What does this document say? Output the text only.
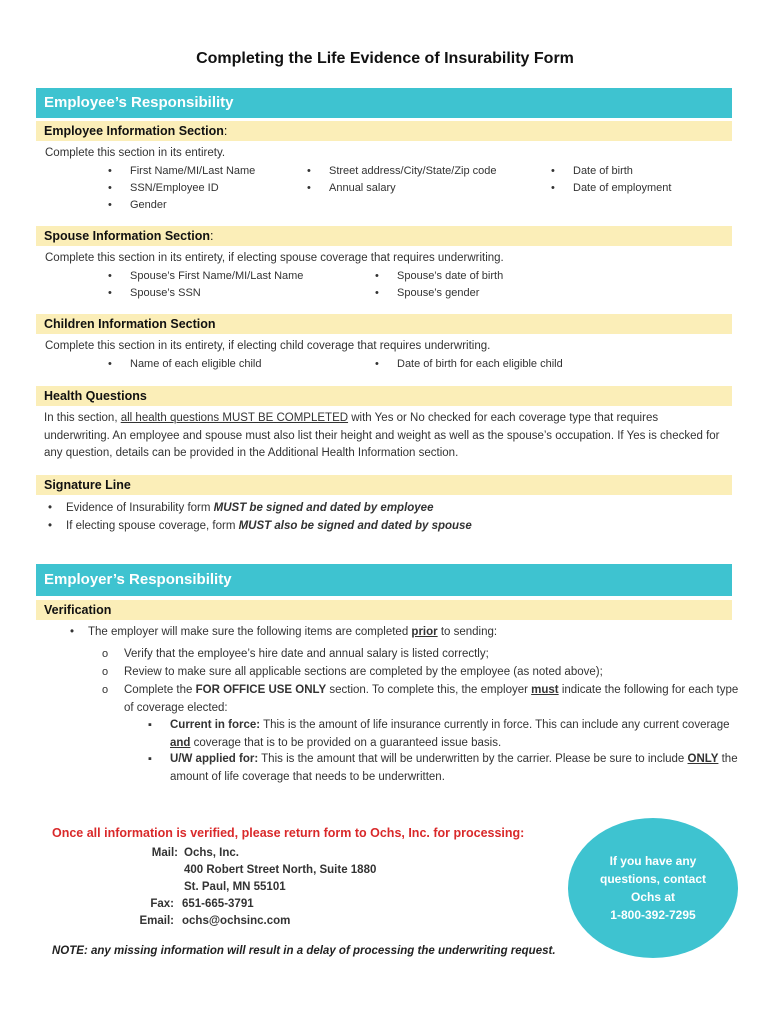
Completing the Life Evidence of Insurability Form
Employee’s Responsibility
Employee Information Section:
Complete this section in its entirety.
• First Name/MI/Last Name
• SSN/Employee ID
• Gender
• Street address/City/State/Zip code
• Annual salary
• Date of birth
• Date of employment
Spouse Information Section:
Complete this section in its entirety, if electing spouse coverage that requires underwriting.
• Spouse’s First Name/MI/Last Name
• Spouse’s SSN
• Spouse’s date of birth
• Spouse’s gender
Children Information Section
Complete this section in its entirety, if electing child coverage that requires underwriting.
• Name of each eligible child
•	Date of birth for each eligible child
Health Questions
In this section, all health questions MUST BE COMPLETED with Yes or No checked for each coverage type that requires underwriting. An employee and spouse must also list their height and weight as well as the spouse’s occupation. If Yes is checked for any question, details can be provided in the Additional Health Information section.
Signature Line
• Evidence of Insurability form MUST be signed and dated by employee
• If electing spouse coverage, form MUST also be signed and dated by spouse
Employer’s Responsibility
Verification
• The employer will make sure the following items are completed prior to sending:
o Verify that the employee’s hire date and annual salary is listed correctly;
o Review to make sure all applicable sections are completed by the employee (as noted above);
o Complete the FOR OFFICE USE ONLY section. To complete this, the employer must indicate the following for each type of coverage elected:
▪ Current in force: This is the amount of life insurance currently in force. This can include any current coverage and coverage that is to be provided on a guaranteed issue basis.
▪ U/W applied for: This is the amount that will be underwritten by the carrier. Please be sure to include ONLY the amount of life coverage that needs to be underwritten.
Once all information is verified, please return form to Ochs, Inc. for processing:
Mail: Ochs, Inc.
400 Robert Street North, Suite 1880
St. Paul, MN 55101
Fax: 651-665-3791
Email: ochs@ochsinc.com
NOTE: any missing information will result in a delay of processing the underwriting request.
If you have any questions, contact Ochs at
1-800-392-7295
